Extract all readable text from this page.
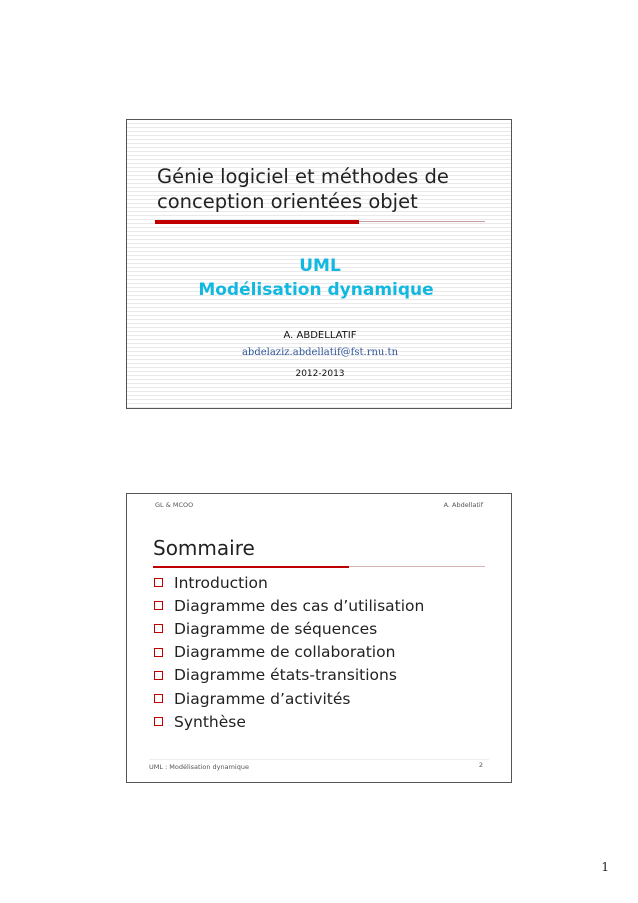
Génie logiciel et méthodes de
conception orientées objet
UML
Modélisation dynamique
A. ABDELLATIF
abdelaziz.abdellatif@fst.rnu.tn
2012-2013
GL & MCOO	A. Abdellatif
Sommaire
Introduction
Diagramme des cas d’utilisation
Diagramme de séquences
Diagramme de collaboration
Diagramme états-transitions
Diagramme d’activités
Synthèse
UML : Modélisation dynamique	2
1
